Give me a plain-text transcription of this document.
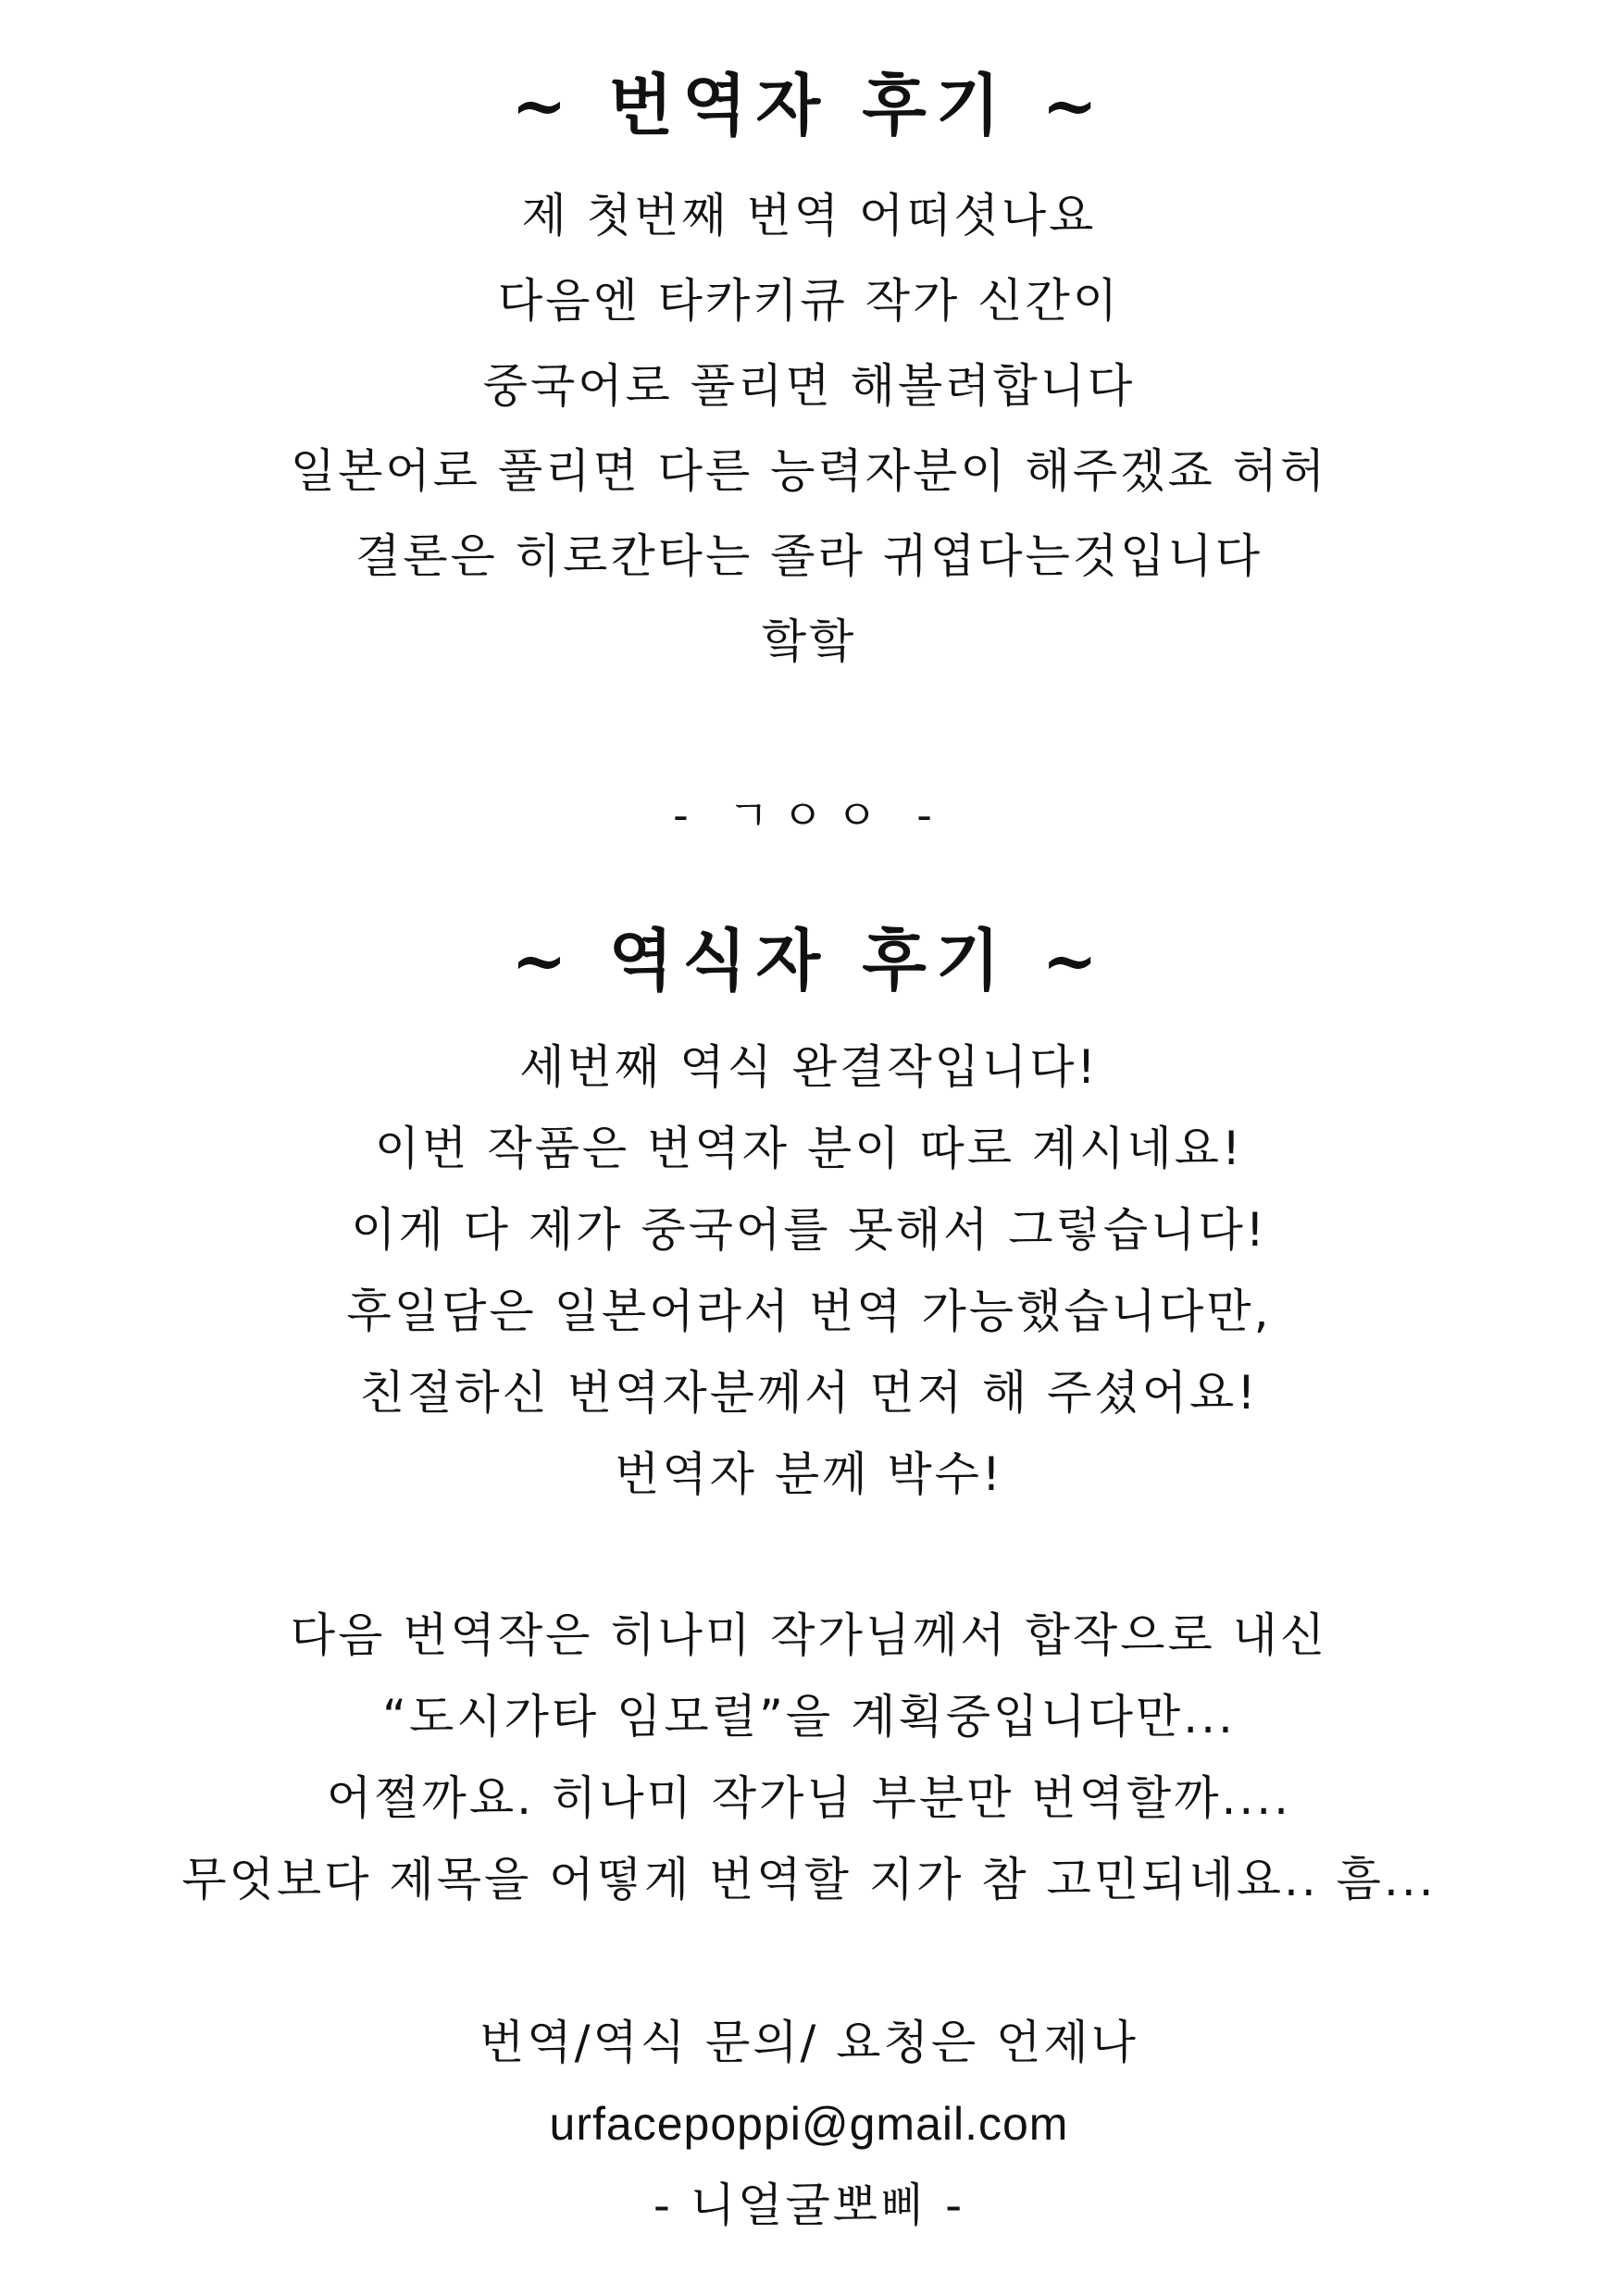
~ 번역자 후기 ~
제 첫번째 번역 어떠셧나요
다음엔 타카키큐 작가 신간이
중국어로 풀리면 해볼려합니다
일본어로 풀리면 다른 능력자분이 해주겠죠 허허
결론은 히로칸타는 졸라 귀엽다는것입니다
핰핰
- ㄱㅇㅇ -
~ 역식자 후기 ~
세번째 역식 완결작입니다!
이번 작품은 번역자 분이 따로 계시네요!
이게 다 제가 중국어를 못해서 그렇습니다!
후일담은 일본어라서 번역 가능했습니다만,
친절하신 번역자분께서 먼저 해 주셨어요!
번역자 분께 박수!
다음 번역작은 히나미 작가님께서 합작으로 내신
“도시가타 임모럴”을 계획중입니다만...
어쩔까요. 히나미 작가님 부분만 번역할까....
무엇보다 제목을 어떻게 번역할 지가 참 고민되네요.. 흠...
번역/역식 문의/ 요청은 언제나
urfacepoppi@gmail.com
- 니얼굴뽀삐 -
